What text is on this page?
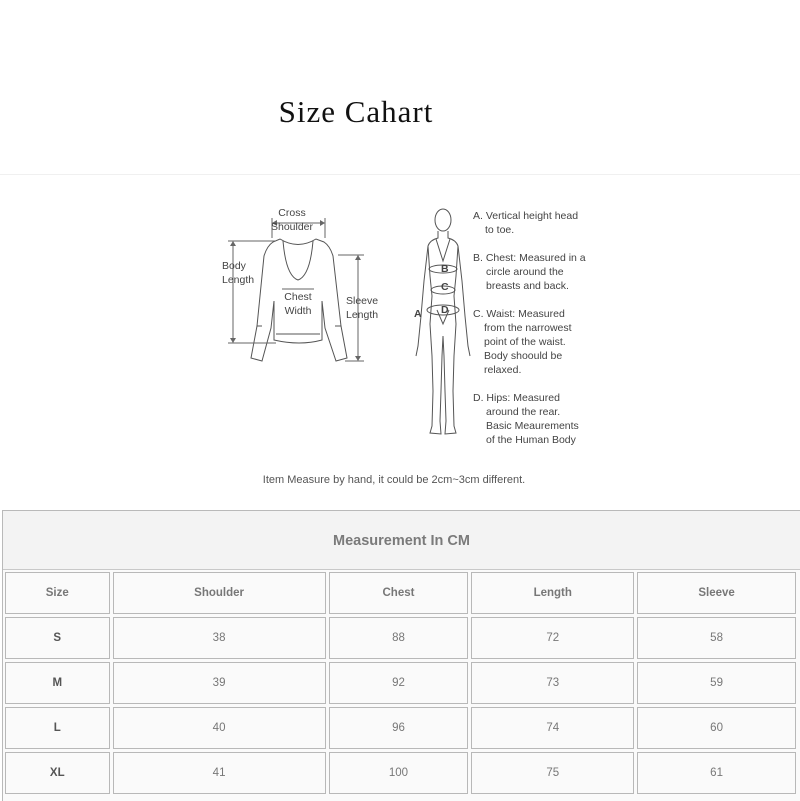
Size Cahart
Cross
Shoulder
Body
Length
Chest
Width
Sleeve
Length	A
B
C
D
A. Vertical height head
to toe.
B. Chest: Measured in a
circle around the
breasts and back.
C. Waist: Measured
from the narrowest
point of the waist.
Body shoould be
relaxed.
D. Hips: Measured
around the rear.
Basic Meaurements
of the Human Body
Item Measure by hand, it could be 2cm~3cm different.
Measurement In CM
Size	Shoulder	Chest	Length	Sleeve
S	38	88	72	58
M	39	92	73	59
L	40	96	74	60
XL	41	100	75	61
